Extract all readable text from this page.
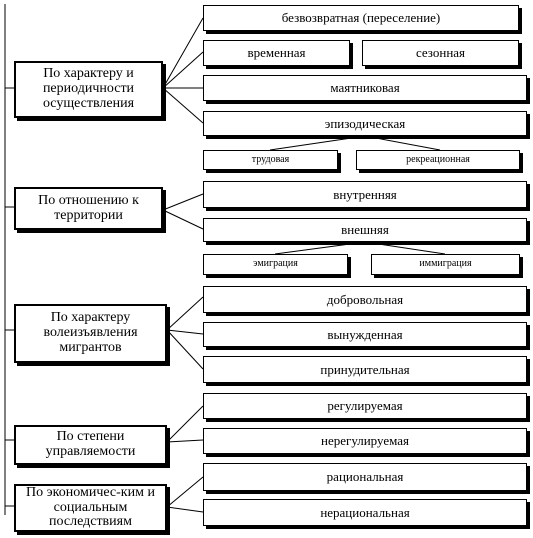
По характеру и периодичности осуществления
По отношению к территории
По характеру волеизъявления мигрантов
По степени управляемости
По экономичес-ким и социальным последствиям
безвозвратная (переселение)
временная	сезонная
маятниковая
эпизодическая
трудовая	рекреационная
внутренняя
внешняя
эмиграция	иммиграция
добровольная
вынужденная
принудительная
регулируемая
нерегулируемая
рациональная
нерациональная
